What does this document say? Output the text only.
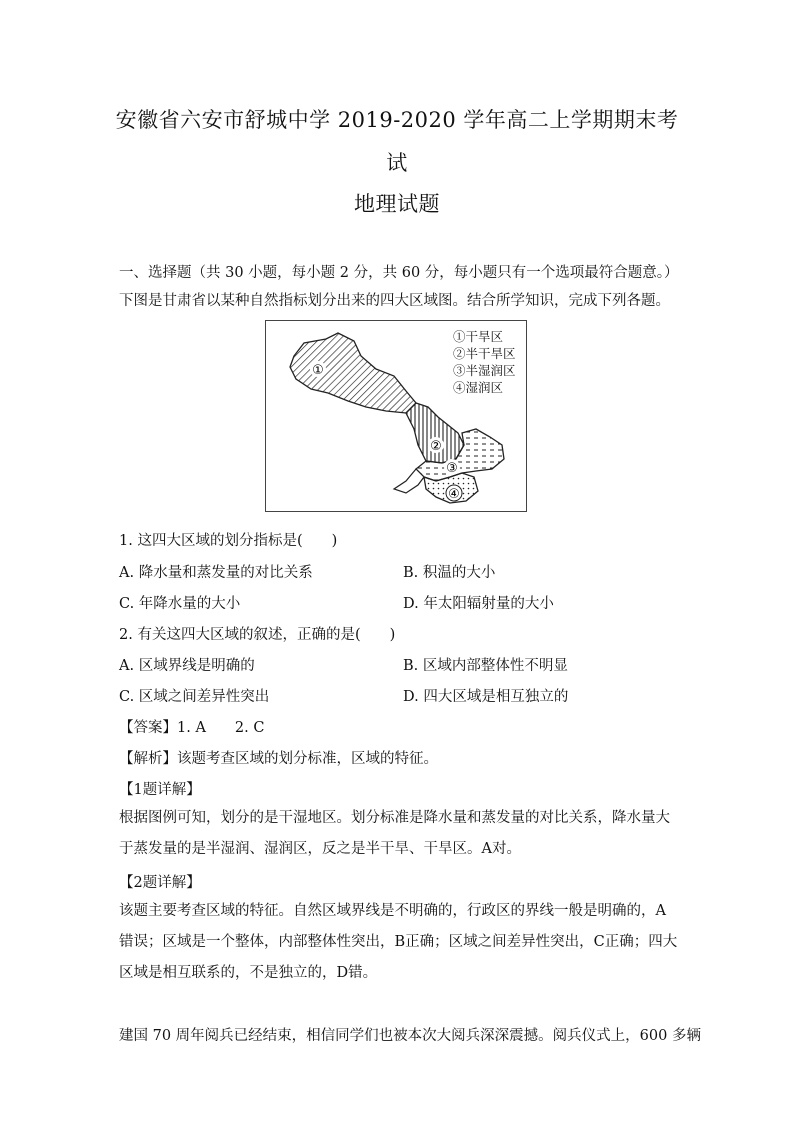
安徽省六安市舒城中学 2019-2020 学年高二上学期期末考
试
地理试题
一、选择题（共 30 小题，每小题 2 分，共 60 分，每小题只有一个选项最符合题意。）
下图是甘肃省以某种自然指标划分出来的四大区域图。结合所学知识，完成下列各题。
①
②
③
④
①干旱区
②半干旱区
③半湿润区
④湿润区
1. 这四大区域的划分指标是(　　)
A. 降水量和蒸发量的对比关系	B. 积温的大小
C. 年降水量的大小	D. 年太阳辐射量的大小
2. 有关这四大区域的叙述，正确的是(　　)
A. 区域界线是明确的	B. 区域内部整体性不明显
C. 区域之间差异性突出	D. 四大区域是相互独立的
【答案】1. A　　2. C
【解析】该题考查区域的划分标准，区域的特征。
【1题详解】
根据图例可知，划分的是干湿地区。划分标准是降水量和蒸发量的对比关系，降水量大于蒸发量的是半湿润、湿润区，反之是半干旱、干旱区。A对。
【2题详解】
该题主要考查区域的特征。自然区域界线是不明确的，行政区的界线一般是明确的，A错误；区域是一个整体，内部整体性突出，B正确；区域之间差异性突出，C正确；四大区域是相互联系的，不是独立的，D错。
建国 70 周年阅兵已经结束，相信同学们也被本次大阅兵深深震撼。阅兵仪式上，600 多辆
